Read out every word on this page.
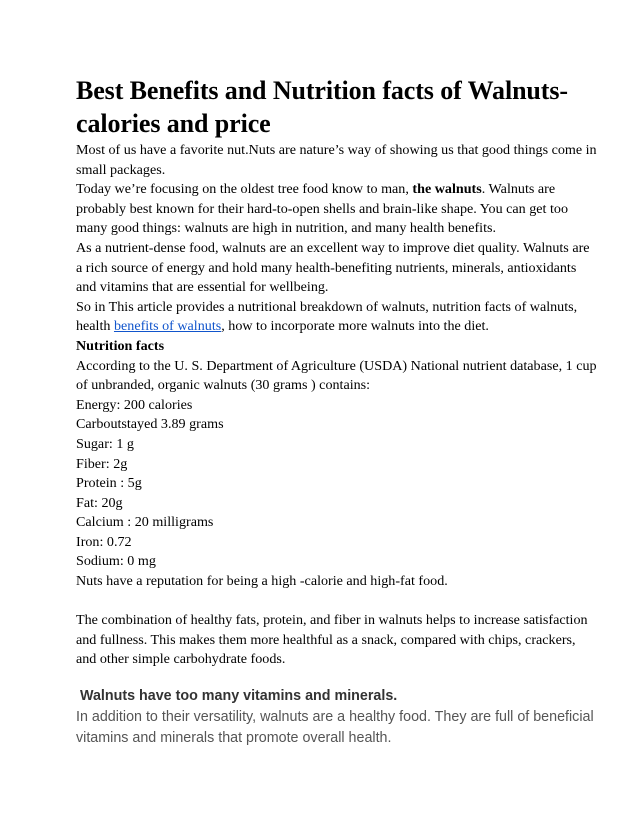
Best Benefits and Nutrition facts of Walnuts- calories and price

Most of us have a favorite nut.Nuts are nature’s way of showing us that good things come in small packages.

Today we’re focusing on the oldest tree food know to man, the walnuts. Walnuts are probably best known for their hard-to-open shells and brain-like shape. You can get too many good things: walnuts are high in nutrition, and many health benefits.

As a nutrient-dense food, walnuts are an excellent way to improve diet quality. Walnuts are a rich source of energy and hold many health-benefiting nutrients, minerals, antioxidants and vitamins that are essential for wellbeing.

So in This article provides a nutritional breakdown of walnuts, nutrition facts of walnuts, health benefits of walnuts, how to incorporate more walnuts into the diet.

Nutrition facts

According to the U. S. Department of Agriculture (USDA) National nutrient database, 1 cup of unbranded, organic walnuts (30 grams ) contains:

Energy: 200 calories

Carboutstayed 3.89 grams

Sugar: 1 g

Fiber: 2g

Protein : 5g

Fat: 20g

Calcium : 20 milligrams

Iron: 0.72

Sodium: 0 mg

Nuts have a reputation for being a high -calorie and high-fat food.

The combination of healthy fats, protein, and fiber in walnuts helps to increase satisfaction and fullness. This makes them more healthful as a snack, compared with chips, crackers, and other simple carbohydrate foods.

Walnuts have too many vitamins and minerals.

In addition to their versatility, walnuts are a healthy food. They are full of beneficial vitamins and minerals that promote overall health.
